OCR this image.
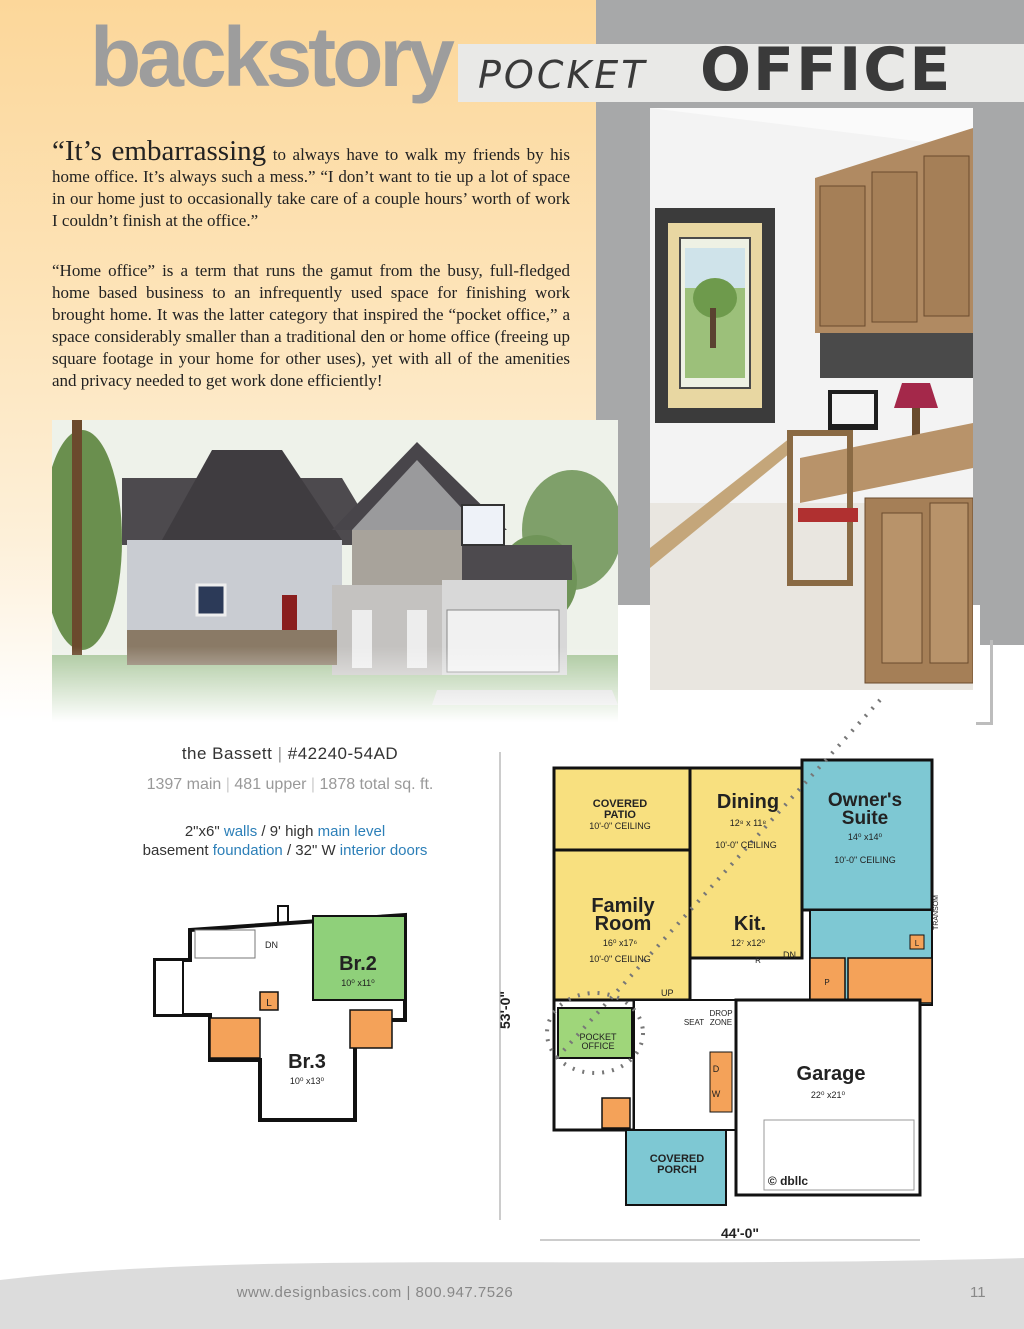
backstory POCKET OFFICE
“It’s embarrassing to always have to walk my friends by his home office. It’s always such a mess.” “I don’t want to tie up a lot of space in our home just to occasionally take care of a couple hours’ worth of work I couldn’t finish at the office.”
“Home office” is a term that runs the gamut from the busy, full-fledged home based business to an infrequently used space for finishing work brought home. It was the latter category that inspired the “pocket office,” a space considerably smaller than a traditional den or home office (freeing up square footage in your home for other uses), yet with all of the amenities and privacy needed to get work done efficiently!
the Bassett | #42240-54AD
1397 main | 481 upper | 1878 total sq. ft.
2"x6" walls / 9' high main level
basement foundation / 32" W interior doors
Br.2
10⁰ x11⁰
DN
L
Br.3
10⁰ x13⁰
53'-0"
44'-0"
COVERED
PATIO
10'-0" CEILING
Dining
12⁸ x 11⁸
10'-0" CEILING
Owner's
Suite
14⁰ x14⁰
10'-0" CEILING
Family
Room
16⁰ x17⁶
10'-0" CEILING
Kit.
12⁷ x12⁰
R
DN
UP
TRANSOM
L
P
POCKET
OFFICE
SEAT
DROP
ZONE
D
W
Garage
22⁰ x21⁰
COVERED
PORCH
© dbllc
www.designbasics.com | 800.947.7526	11
